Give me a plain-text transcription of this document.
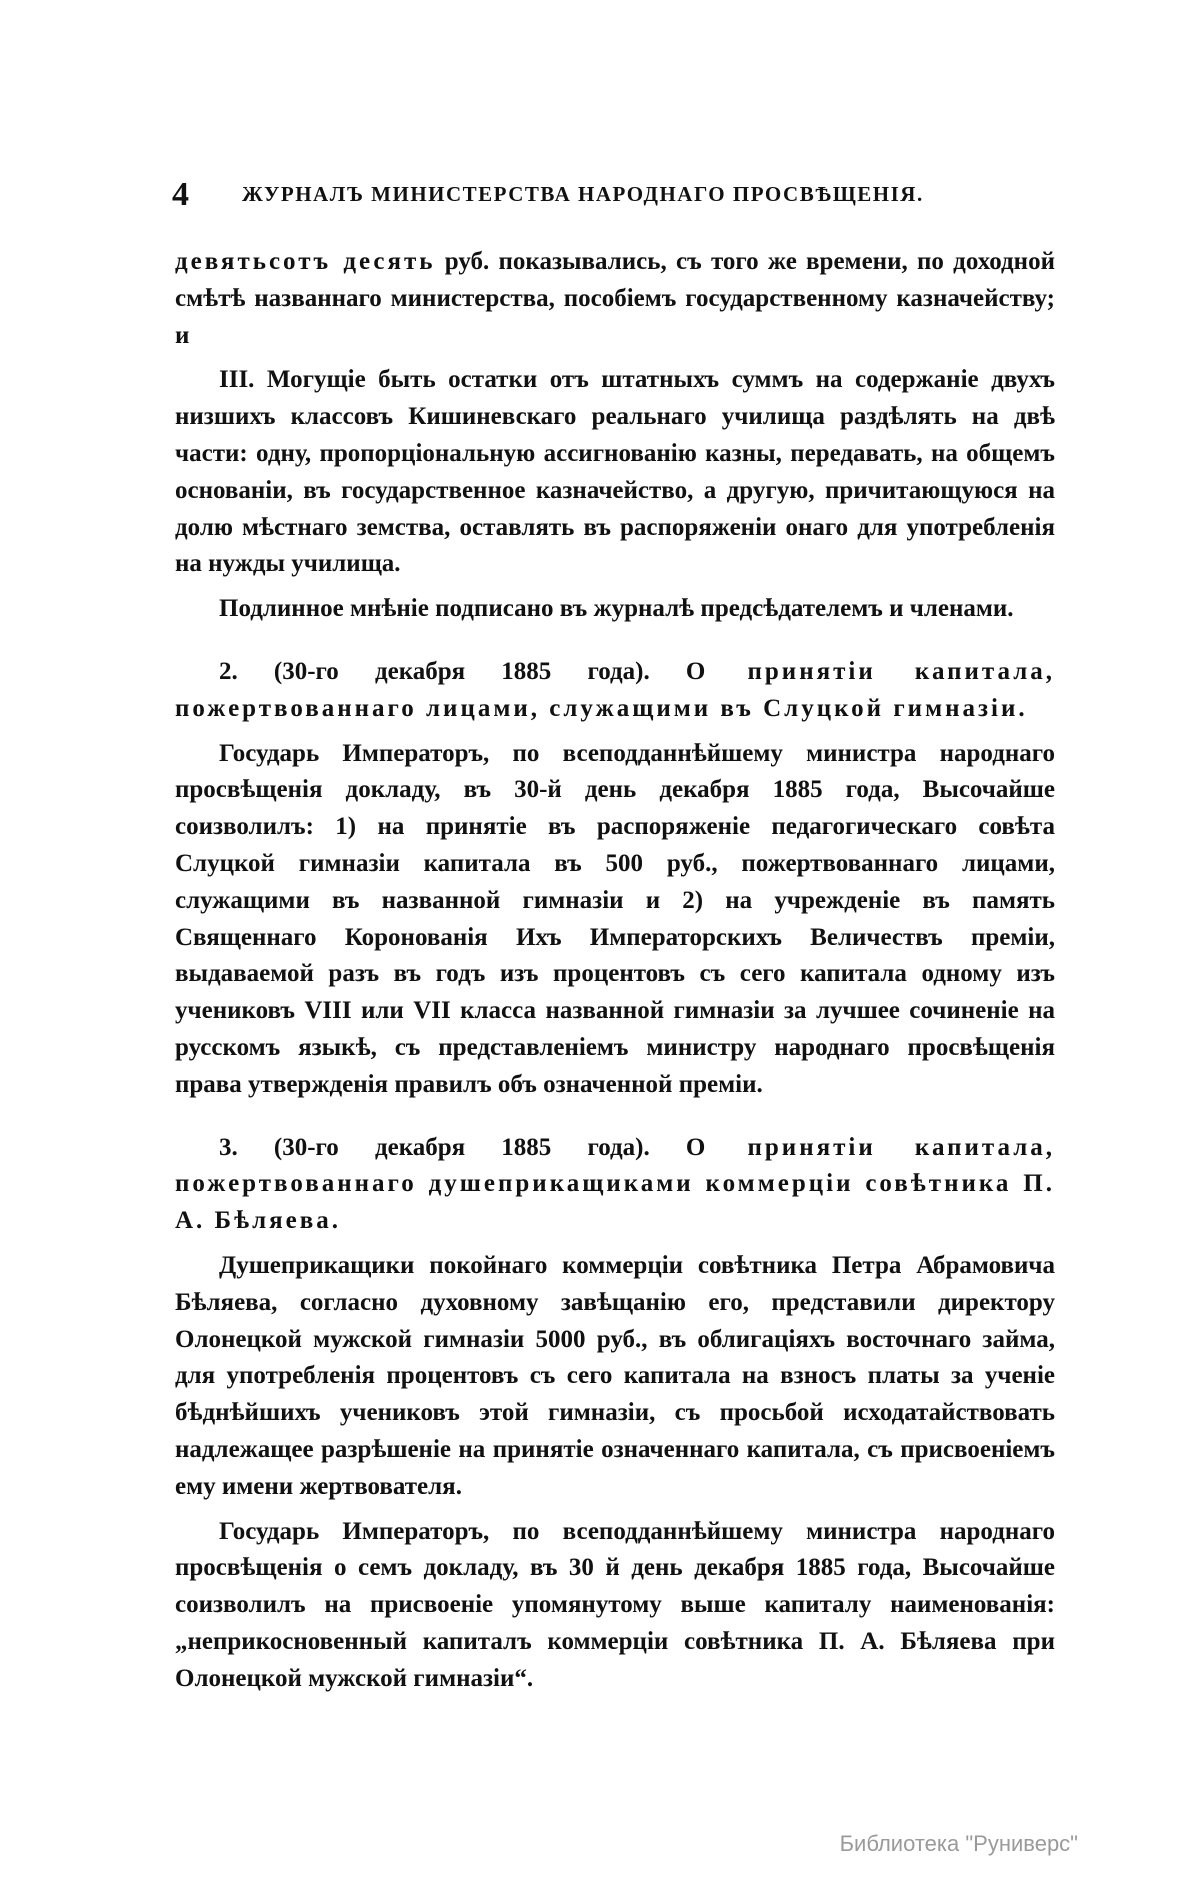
4	ЖУРНАЛЪ МИНИСТЕРСТВА НАРОДНАГО ПРОСВѢЩЕНІЯ.

девятьсотъ десять руб. показывались, съ того же времени, по доходной смѣтѣ названнаго министерства, пособіемъ государственному казначейству; и

III. Могущіе быть остатки отъ штатныхъ суммъ на содержаніе двухъ низшихъ классовъ Кишиневскаго реальнаго училища раздѣлять на двѣ части: одну, пропорціональную ассигнованію казны, передавать, на общемъ основаніи, въ государственное казначейство, а другую, причитающуюся на долю мѣстнаго земства, оставлять въ распоряженіи онаго для употребленія на нужды училища.

Подлинное мнѣніе подписано въ журналѣ предсѣдателемъ и членами.

2. (30-го декабря 1885 года). О принятіи капитала, пожертвованнаго лицами, служащими въ Слуцкой гимназіи.

Государь Императоръ, по всеподданнѣйшему министра народнаго просвѣщенія докладу, въ 30-й день декабря 1885 года, Высочайше соизволилъ: 1) на принятіе въ распоряженіе педагогическаго совѣта Слуцкой гимназіи капитала въ 500 руб., пожертвованнаго лицами, служащими въ названной гимназіи и 2) на учрежденіе въ память Священнаго Коронованія Ихъ Императорскихъ Величествъ преміи, выдаваемой разъ въ годъ изъ процентовъ съ сего капитала одному изъ учениковъ VIII или VII класса названной гимназіи за лучшее сочиненіе на русскомъ языкѣ, съ представленіемъ министру народнаго просвѣщенія права утвержденія правилъ объ означенной преміи.

3. (30-го декабря 1885 года). О принятіи капитала, пожертвованнаго душеприкащиками коммерціи совѣтника П. А. Бѣляева.

Душеприкащики покойнаго коммерціи совѣтника Петра Абрамовича Бѣляева, согласно духовному завѣщанію его, представили директору Олонецкой мужской гимназіи 5000 руб., въ облигаціяхъ восточнаго займа, для употребленія процентовъ съ сего капитала на взносъ платы за ученіе бѣднѣйшихъ учениковъ этой гимназіи, съ просьбой исходатайствовать надлежащее разрѣшеніе на принятіе означеннаго капитала, съ присвоеніемъ ему имени жертвователя.

Государь Императоръ, по всеподданнѣйшему министра народнаго просвѣщенія о семъ докладу, въ 30 й день декабря 1885 года, Высочайше соизволилъ на присвоеніе упомянутому выше капиталу наименованія: „неприкосновенный капиталъ коммерціи совѣтника П. А. Бѣляева при Олонецкой мужской гимназіи“.

Библиотека "Руниверс"
